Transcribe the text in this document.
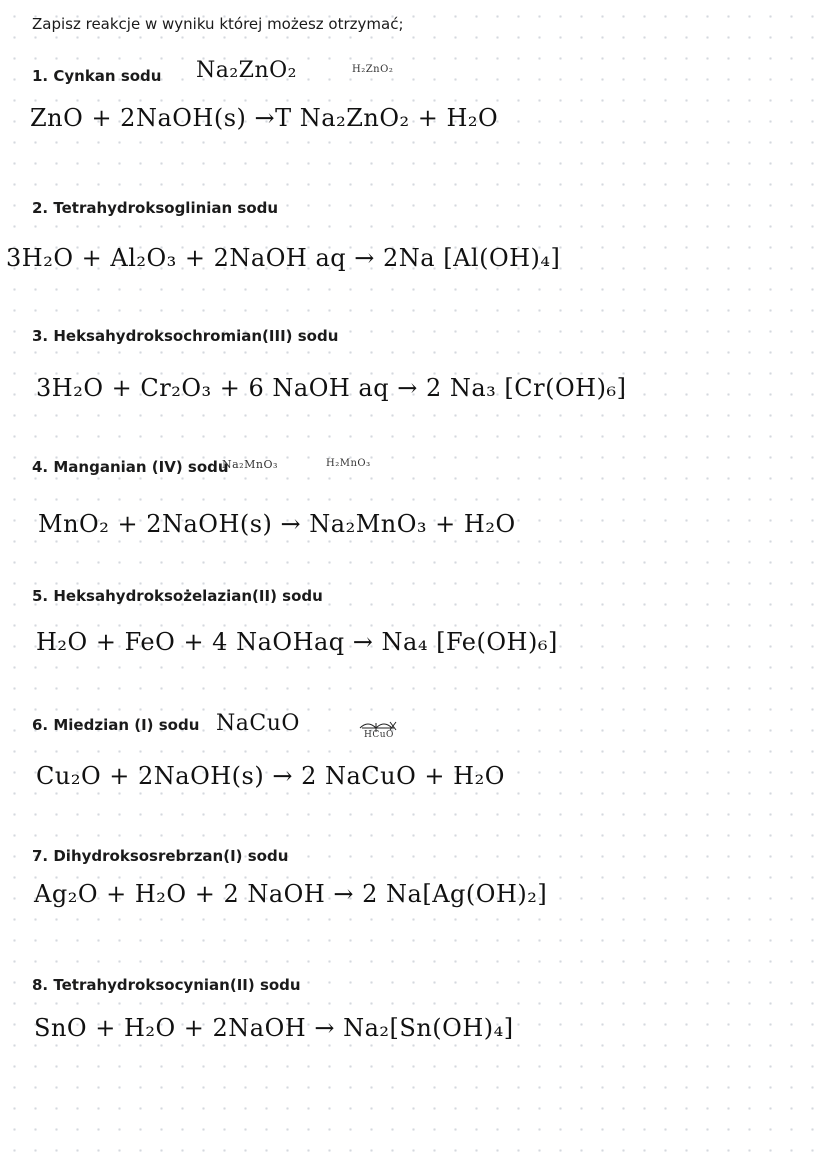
Zapisz reakcje w wyniku której możesz otrzymać;
1. Cynkan sodu Na₂ZnO₂	H₂ZnO₂
ZnO + 2NaOH(s) →T Na₂ZnO₂ + H₂O
2. Tetrahydroksoglinian sodu
3H₂O + Al₂O₃ + 2NaOH aq → 2Na [Al(OH)₄]
3. Heksahydroksochromian(III) sodu
3H₂O + Cr₂O₃ + 6 NaOH aq → 2 Na₃ [Cr(OH)₆]
4. Manganian (IV) sodu
Na₂MnO₃	H₂MnO₃
MnO₂ + 2NaOH(s) → Na₂MnO₃ + H₂O
5. Heksahydroksożelazian(II) sodu
H₂O + FeO + 4 NaOHaq → Na₄ [Fe(OH)₆]
6. Miedzian (I) sodu NaCuO	HCuO
Cu₂O + 2NaOH(s) → 2 NaCuO + H₂O
7. Dihydroksosrebrzan(I) sodu
Ag₂O + H₂O + 2 NaOH → 2 Na[Ag(OH)₂]
8. Tetrahydroksocynian(II) sodu
SnO + H₂O + 2NaOH → Na₂[Sn(OH)₄]
